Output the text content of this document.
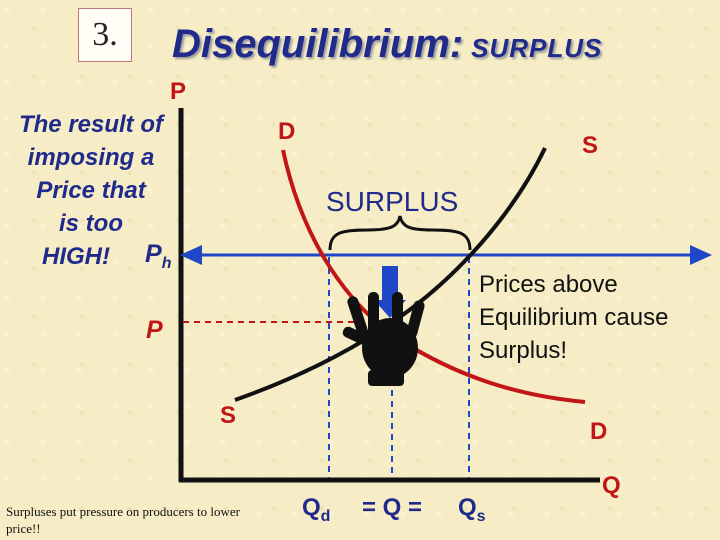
3.	Disequilibrium: SURPLUS
The result of
imposing a
Price that
is too
HIGH!
P
D
S
S
D
Q
$P_h$
P
SURPLUS
Prices above
Equilibrium cause
Surplus!
$Q_d = Q = Q_s$
Surpluses put pressure on producers to lower price!!
